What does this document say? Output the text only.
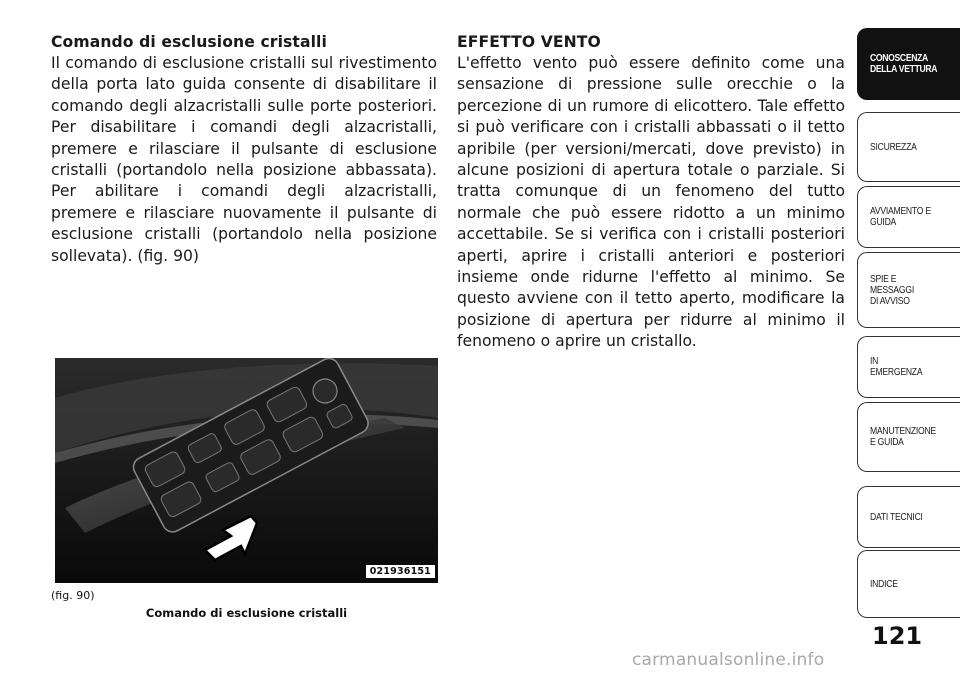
Comando di esclusione cristalli

Il comando di esclusione cristalli sul rivestimento della porta lato guida consente di disabilitare il comando degli alzacristalli sulle porte posteriori. Per disabilitare i comandi degli alzacristalli, premere e rilasciare il pulsante di esclusione cristalli (portandolo nella posizione abbassata). Per abilitare i comandi degli alzacristalli, premere e rilasciare nuovamente il pulsante di esclusione cristalli (portandolo nella posizione sollevata). (fig. 90)

EFFETTO VENTO

L'effetto vento può essere definito come una sensazione di pressione sulle orecchie o la percezione di un rumore di elicottero. Tale effetto si può verificare con i cristalli abbassati o il tetto apribile (per versioni/mercati, dove previsto) in alcune posizioni di apertura totale o parziale. Si tratta comunque di un fenomeno del tutto normale che può essere ridotto a un minimo accettabile. Se si verifica con i cristalli posteriori aperti, aprire i cristalli anteriori e posteriori insieme onde ridurne l'effetto al minimo. Se questo avviene con il tetto aperto, modificare la posizione di apertura per ridurre al minimo il fenomeno o aprire un cristallo.

021936151
(fig. 90)
Comando di esclusione cristalli
CONOSCENZA
DELLA VETTURA
SICUREZZA
AVVIAMENTO E
GUIDA
SPIE E
MESSAGGI
DI AVVISO
IN
EMERGENZA
MANUTENZIONE
E GUIDA
DATI TECNICI
INDICE
121
carmanualsonline.info
